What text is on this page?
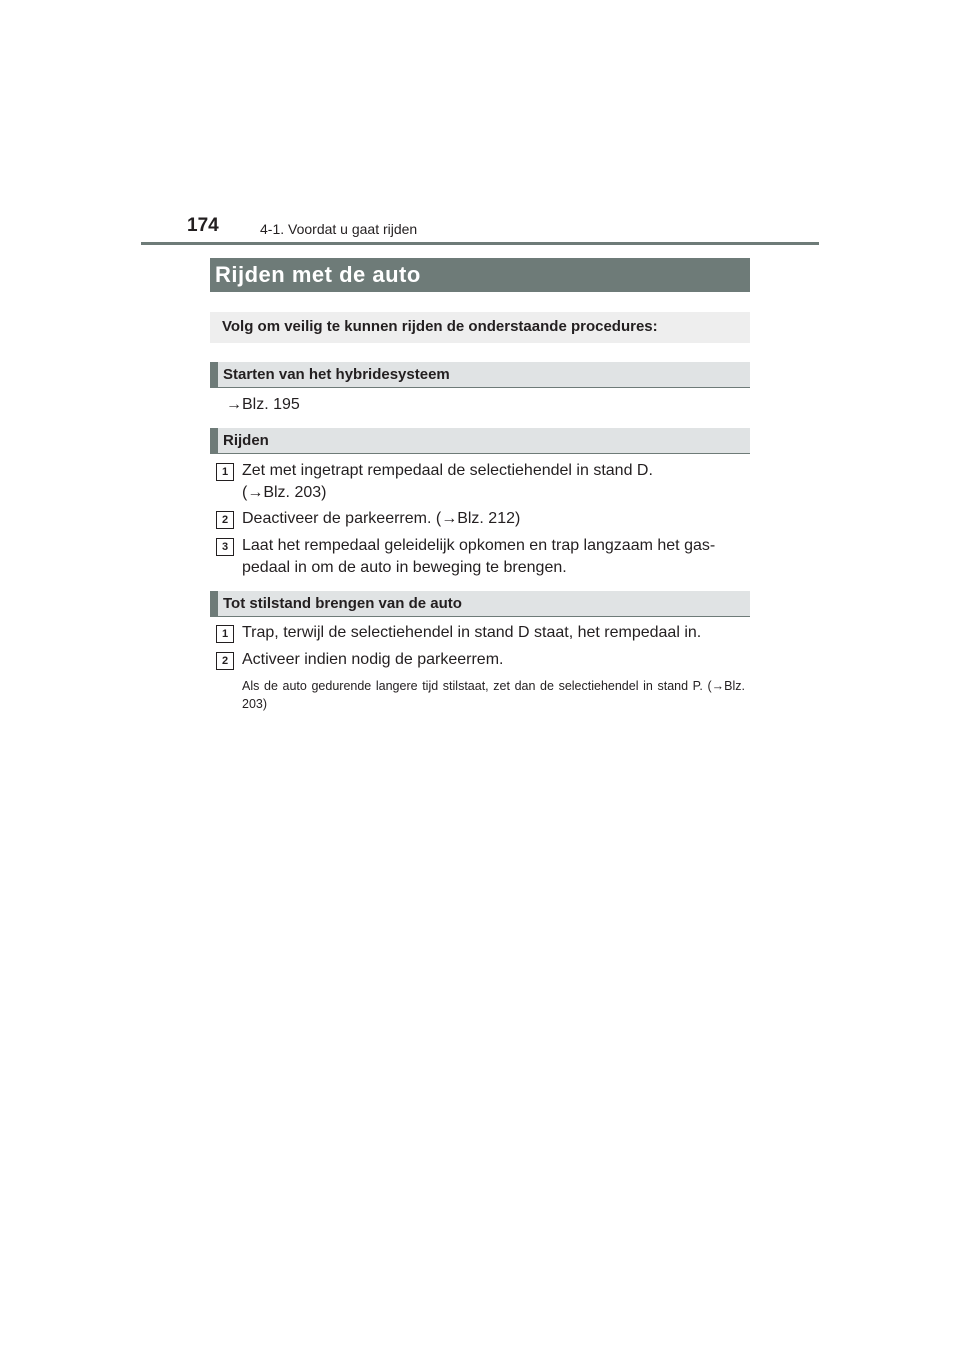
174	4-1. Voordat u gaat rijden
Rijden met de auto
Volg om veilig te kunnen rijden de onderstaande procedures:
Starten van het hybridesysteem
→Blz. 195
Rijden
1 Zet met ingetrapt rempedaal de selectiehendel in stand D. (→Blz. 203)
2 Deactiveer de parkeerrem. (→Blz. 212)
3 Laat het rempedaal geleidelijk opkomen en trap langzaam het gas-pedaal in om de auto in beweging te brengen.
Tot stilstand brengen van de auto
1 Trap, terwijl de selectiehendel in stand D staat, het rempedaal in.
2 Activeer indien nodig de parkeerrem.
Als de auto gedurende langere tijd stilstaat, zet dan de selectiehendel in stand P. (→Blz. 203)
